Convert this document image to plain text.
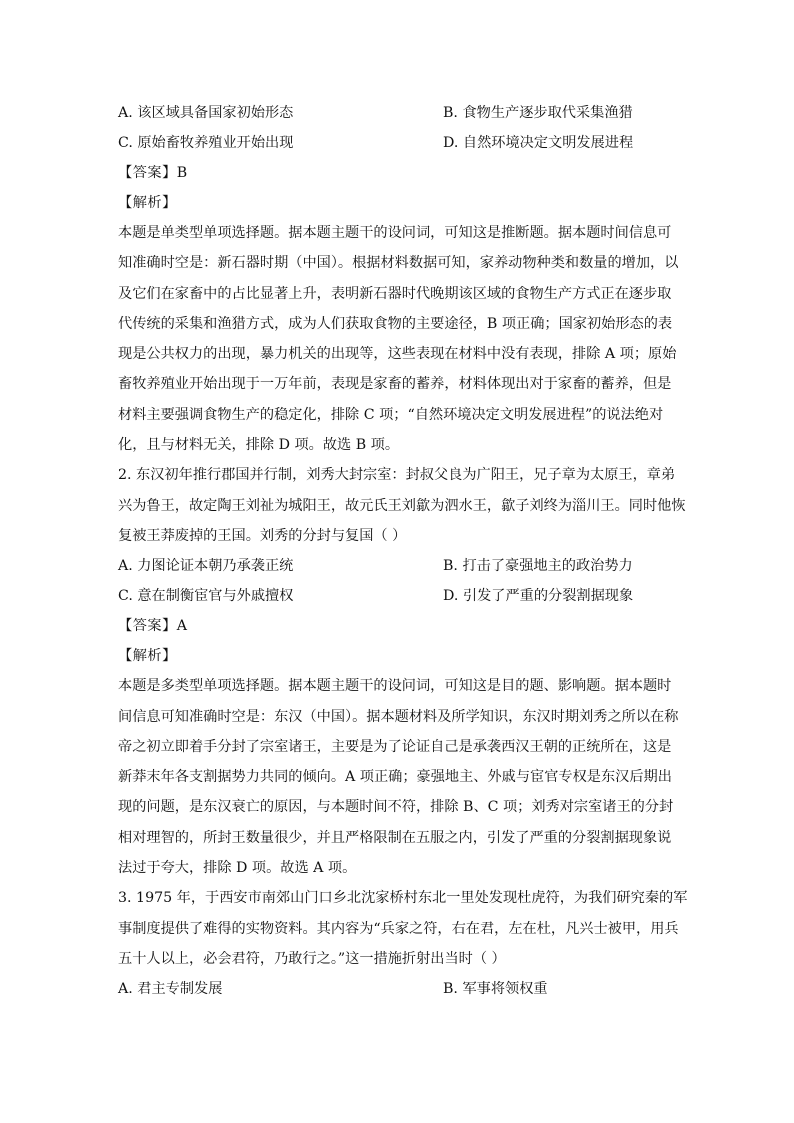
A. 该区域具备国家初始形态	B. 食物生产逐步取代采集渔猎
C. 原始畜牧养殖业开始出现	D. 自然环境决定文明发展进程
【答案】B
【解析】
本题是单类型单项选择题。据本题主题干的设问词，可知这是推断题。据本题时间信息可
知准确时空是：新石器时期（中国）。根据材料数据可知，家养动物种类和数量的增加，以
及它们在家畜中的占比显著上升，表明新石器时代晚期该区域的食物生产方式正在逐步取
代传统的采集和渔猎方式，成为人们获取食物的主要途径，B 项正确；国家初始形态的表
现是公共权力的出现，暴力机关的出现等，这些表现在材料中没有表现，排除 A 项；原始
畜牧养殖业开始出现于一万年前，表现是家畜的蓄养，材料体现出对于家畜的蓄养，但是
材料主要强调食物生产的稳定化，排除 C 项；“自然环境决定文明发展进程”的说法绝对
化，且与材料无关，排除 D 项。故选 B 项。
2. 东汉初年推行郡国并行制，刘秀大封宗室：封叔父良为广阳王，兄子章为太原王，章弟
兴为鲁王，故定陶王刘祉为城阳王，故元氏王刘歙为泗水王，歙子刘终为淄川王。同时他恢
复被王莽废掉的王国。刘秀的分封与复国（ ）
A. 力图论证本朝乃承袭正统	B. 打击了豪强地主的政治势力
C. 意在制衡宦官与外戚擅权	D. 引发了严重的分裂割据现象
【答案】A
【解析】
本题是多类型单项选择题。据本题主题干的设问词，可知这是目的题、影响题。据本题时
间信息可知准确时空是：东汉（中国）。据本题材料及所学知识，东汉时期刘秀之所以在称
帝之初立即着手分封了宗室诸王，主要是为了论证自己是承袭西汉王朝的正统所在，这是
新莽末年各支割据势力共同的倾向。A 项正确；豪强地主、外戚与宦官专权是东汉后期出
现的问题，是东汉衰亡的原因，与本题时间不符，排除 B、C 项；刘秀对宗室诸王的分封
相对理智的，所封王数量很少，并且严格限制在五服之内，引发了严重的分裂割据现象说
法过于夸大，排除 D 项。故选 A 项。
3. 1975 年，于西安市南郊山门口乡北沈家桥村东北一里处发现杜虎符，为我们研究秦的军
事制度提供了难得的实物资料。其内容为“兵家之符，右在君，左在杜，凡兴士被甲，用兵
五十人以上，必会君符，乃敢行之。”这一措施折射出当时（ ）
A. 君主专制发展	B. 军事将领权重
